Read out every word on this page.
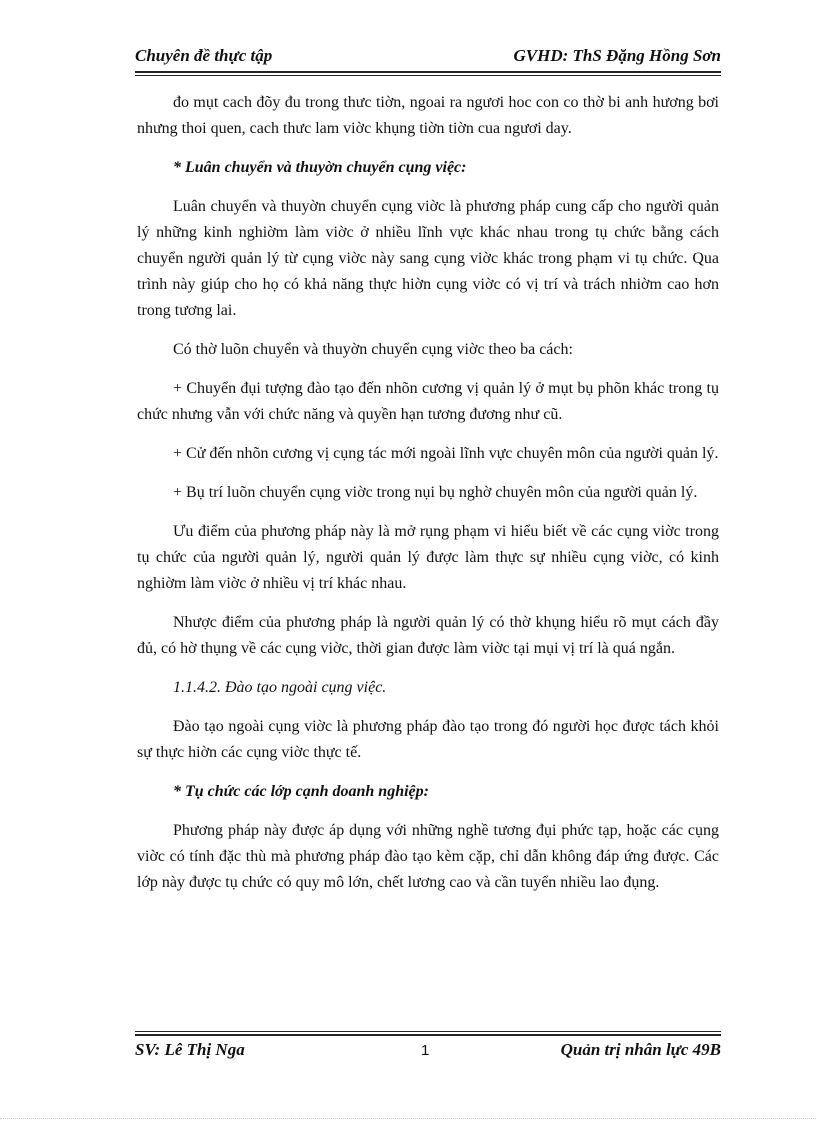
Chuyên đề thực tập	GVHD: ThS Đặng Hồng Sơn

đo mụt cach đõy đu trong thưc tiờn, ngoai ra ngươi hoc con co thờ bi anh hương bơi nhưng thoi quen, cach thưc lam viờc khụng tiờn tiờn cua ngươi day.

* Luân chuyển và thuyờn chuyển cụng việc:

Luân chuyển và thuyờn chuyển cụng viờc là phương pháp cung cấp cho người quản lý những kinh nghiờm làm viờc ở nhiều lĩnh vực khác nhau trong tụ chức bằng cách chuyển người quản lý từ cụng viờc này sang cụng viờc khác trong phạm vi tụ chức. Qua trình này giúp cho họ có khả năng thực hiờn cụng viờc có vị trí và trách nhiờm cao hơn trong tương lai.

Có thờ luõn chuyển và thuyờn chuyển cụng viờc theo ba cách:

+ Chuyển đụi tượng đào tạo đến nhõn cương vị quản lý ở mụt bụ phõn khác trong tụ chức nhưng vẫn với chức năng và quyền hạn tương đương như cũ.

+ Cử đến nhõn cương vị cụng tác mới ngoài lĩnh vực chuyên môn của người quản lý.

+ Bụ trí luõn chuyển cụng viờc trong nụi bụ nghờ chuyên môn của người quản lý.

Ưu điểm của phương pháp này là mở rụng phạm vi hiểu biết về các cụng viờc trong tụ chức của người quản lý, người quản lý được làm thực sự nhiều cụng viờc, có kinh nghiờm làm viờc ở nhiều vị trí khác nhau.

Nhược điểm của phương pháp là người quản lý có thờ khụng hiểu rõ mụt cách đầy đủ, có hờ thụng về các cụng viờc, thời gian được làm viờc tại mụi vị trí là quá ngắn.

1.1.4.2. Đào tạo ngoài cụng việc.

Đào tạo ngoài cụng viờc là phương pháp đào tạo trong đó người học được tách khỏi sự thực hiờn các cụng viờc thực tế.

* Tụ chức các lớp cạnh doanh nghiệp:

Phương pháp này được áp dụng với những nghề tương đụi phức tạp, hoặc các cụng viờc có tính đặc thù mà phương pháp đào tạo kèm cặp, chỉ dẫn không đáp ứng được. Các lớp này được tụ chức có quy mô lớn, chết lương cao và cần tuyển nhiều lao đụng.

SV: Lê Thị Nga	1	Quản trị nhân lực 49B
